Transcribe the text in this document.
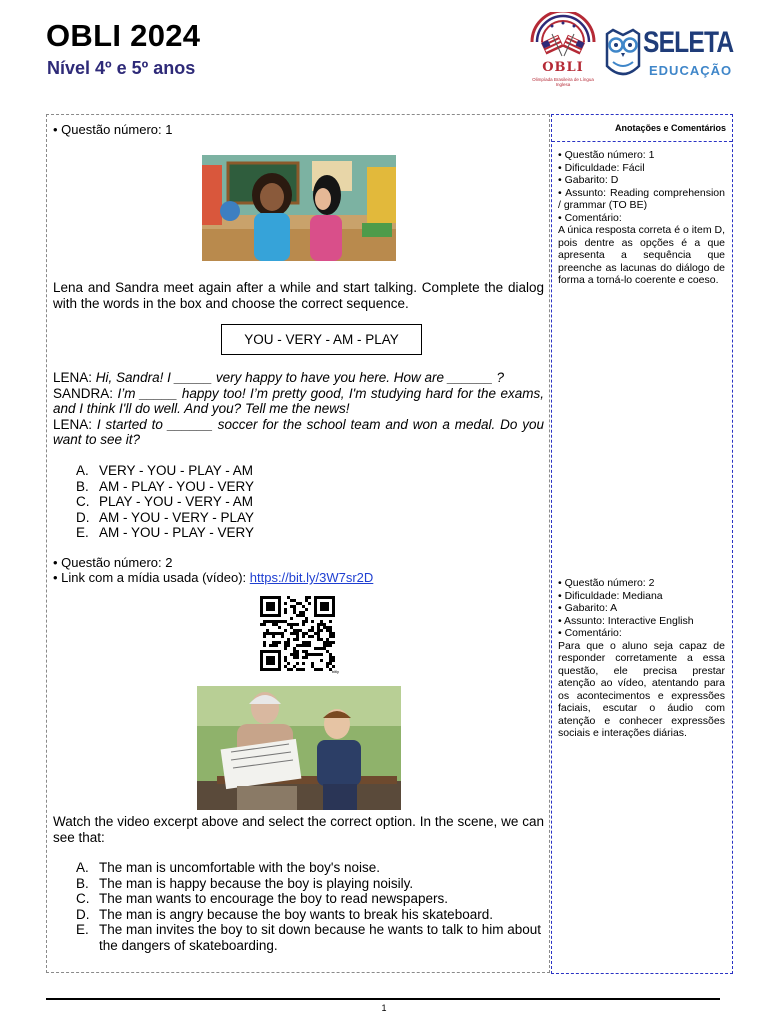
OBLI 2024
Nível 4º e 5º anos	OBLI
Olimpíada Brasileira de Língua Inglesa
SELETA
EDUCAÇÃO
Anotações e Comentários
• Questão número: 1
Lena and Sandra meet again after a while and start talking. Complete the dialog with the words in the box and choose the correct sequence.
YOU - VERY - AM - PLAY

LENA: Hi, Sandra! I _____ very happy to have you here. How are ______ ?

SANDRA: I’m _____ happy too! I’m pretty good, I'm studying hard for the exams, and I think I'll do well. And you? Tell me the news!

LENA: I started to ______ soccer for the school team and won a medal. Do you want to see it?

A. VERY - YOU - PLAY - AM
B. AM - PLAY - YOU - VERY
C. PLAY - YOU - VERY - AM
D. AM - YOU - VERY - PLAY
E. AM - YOU - PLAY - VERY
• Questão número: 2
• Link com a mídia usada (vídeo): https://bit.ly/3W7sr2D
bitly
Watch the video excerpt above and select the correct option. In the scene, we can see that:
A. The man is uncomfortable with the boy's noise.
B. The man is happy because the boy is playing noisily.
C. The man wants to encourage the boy to read newspapers.
D. The man is angry because the boy wants to break his skateboard.
E. The man invites the boy to sit down because he wants to talk to him about the dangers of skateboarding.

• Questão número: 1

• Dificuldade: Fácil

• Gabarito: D

• Assunto: Reading comprehension / grammar (TO BE)

• Comentário:

A única resposta correta é o item D, pois dentre as opções é a que apresenta a sequência que preenche as lacunas do diálogo de forma a torná-lo coerente e coeso.

• Questão número: 2

• Dificuldade: Mediana

• Gabarito: A

• Assunto: Interactive English

• Comentário:

Para que o aluno seja capaz de responder corretamente a essa questão, ele precisa prestar atenção ao vídeo, atentando para os acontecimentos e expressões faciais, escutar o áudio com atenção e conhecer expressões sociais e interações diárias.

1
